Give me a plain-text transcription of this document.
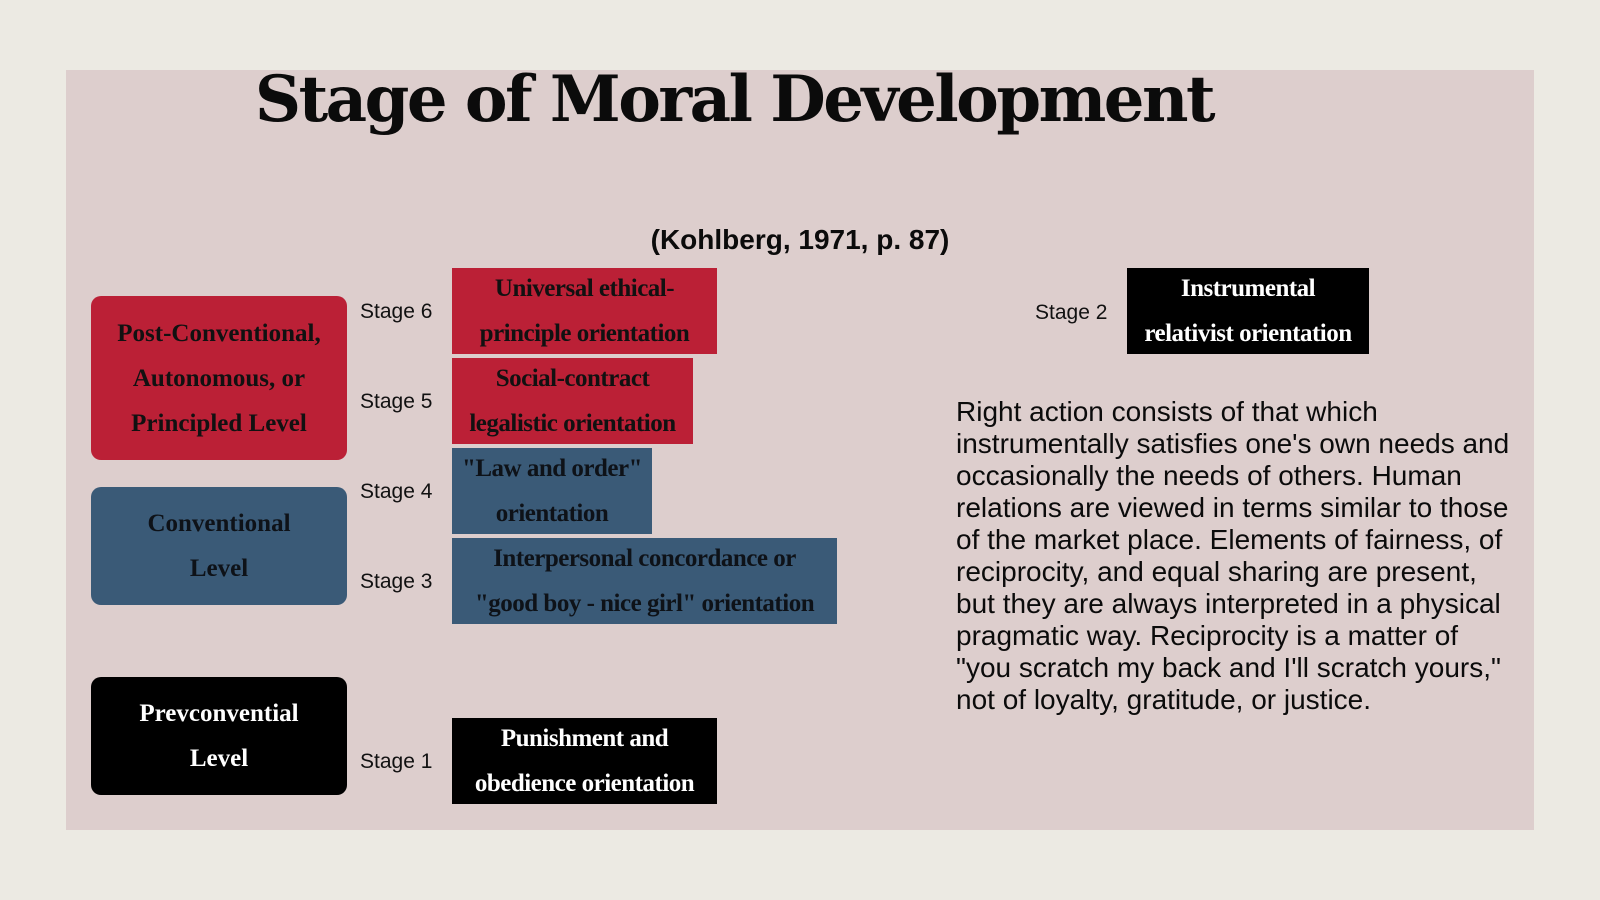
(Kohlberg, 1971, p. 87)
Post-Conventional,
Autonomous, or
Principled Level
Conventional
Level
Prevconvential
Level
Stage 6
Universal ethical-
principle orientation
Stage 5
Social-contract
legalistic orientation
Stage 4
"Law and order"
orientation
Stage 3
Interpersonal concordance or
"good boy - nice girl" orientation
Stage 1
Punishment and
obedience orientation
Stage 2
Instrumental
relativist orientation
Right action consists of that which instrumentally satisfies one's own needs and occasionally the needs of others. Human relations are viewed in terms similar to those of the market place. Elements of fairness, of reciprocity, and equal sharing are present, but they are always interpreted in a physical pragmatic way. Reciprocity is a matter of "you scratch my back and I'll scratch yours," not of loyalty, gratitude, or justice.
Stage of Moral Development
